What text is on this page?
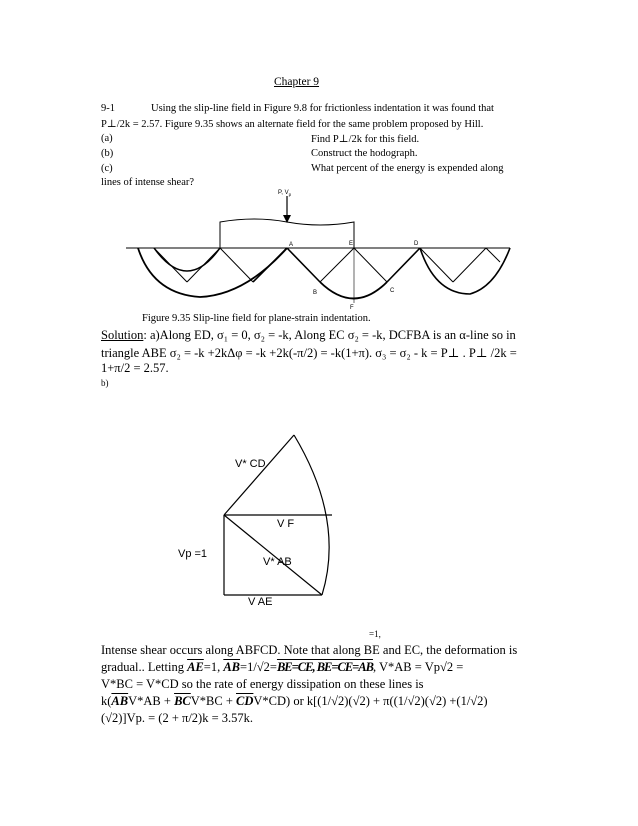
Chapter 9
9-1	Using the slip-line field in Figure 9.8 for frictionless indentation it was found that
P⊥/2k = 2.57. Figure 9.35 shows an alternate field for the same problem proposed by Hill.
(a)	Find P⊥/2k for this field.
(b)	Construct the hodograph.
(c)	What percent of the energy is expended along
lines of intense shear?
P, $V_p$
A	E	D
B	C
F
Figure 9.35 Slip-line field for plane-strain indentation.
Solution: a)Along ED, σ₁ = 0, σ₂ = -k, Along EC σ₂ = -k, DCFBA is an α-line so in
triangle ABE σ₂ = -k +2kΔφ = -k +2k(-π/2) = -k(1+π). σ₃ = σ₂ - k = P⊥ . P⊥ /2k =
1+π/2 = 2.57.
b)
V* CD
V F
Vp =1
V* AB
V AE
=1,
Intense shear occurs along ABFCD. Note that along BE and EC, the deformation is
gradual.. Letting $\overline{AE}=1$, $\overline{AB}=1/√2=BE=CE$, BE=CE=AB, V*AB = Vp√2 =
V*BC = V*CD so the rate of energy dissipation on these lines is
$k(\overline{AB}V*AB + \overline{BC}V*BC + \overline{CD}V*CD)$ or k[(1/√2)(√2) + π((1/√2)(√2) +(1/√2)
(√2)]Vp. = (2 + π/2)k = 3.57k.
